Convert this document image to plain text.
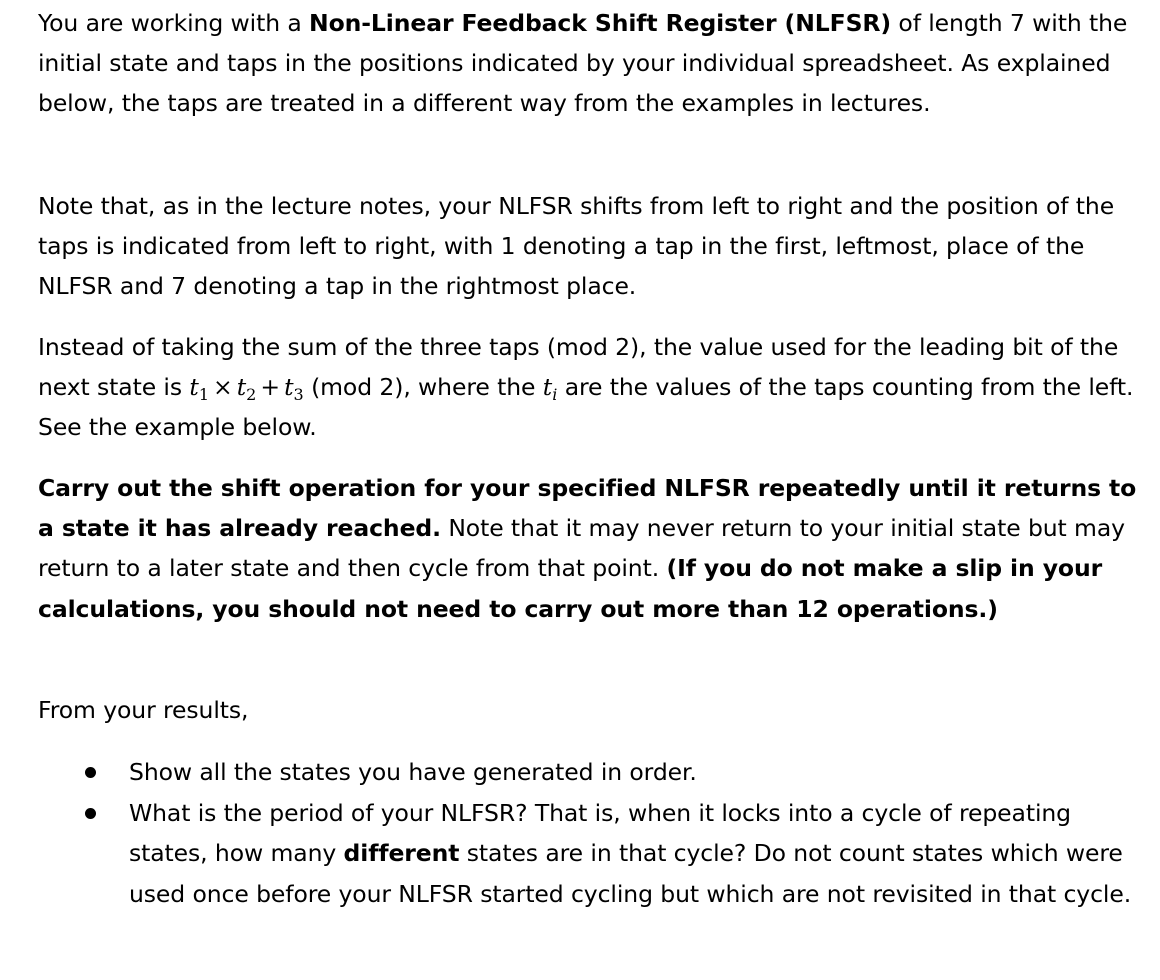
You are working with a Non-Linear Feedback Shift Register (NLFSR) of length 7 with the initial state and taps in the positions indicated by your individual spreadsheet. As explained below, the taps are treated in a different way from the examples in lectures.

Note that, as in the lecture notes, your NLFSR shifts from left to right and the position of the taps is indicated from left to right, with 1 denoting a tap in the first, leftmost, place of the NLFSR and 7 denoting a tap in the rightmost place.

Instead of taking the sum of the three taps (mod 2), the value used for the leading bit of the next state is $t_1 \times t_2 + t_3$ (mod 2), where the $t_i$ are the values of the taps counting from the left. See the example below.

Carry out the shift operation for your specified NLFSR repeatedly until it returns to a state it has already reached. Note that it may never return to your initial state but may return to a later state and then cycle from that point. (If you do not make a slip in your calculations, you should not need to carry out more than 12 operations.)

From your results,

Show all the states you have generated in order.
What is the period of your NLFSR? That is, when it locks into a cycle of repeating states, how many different states are in that cycle? Do not count states which were used once before your NLFSR started cycling but which are not revisited in that cycle.
